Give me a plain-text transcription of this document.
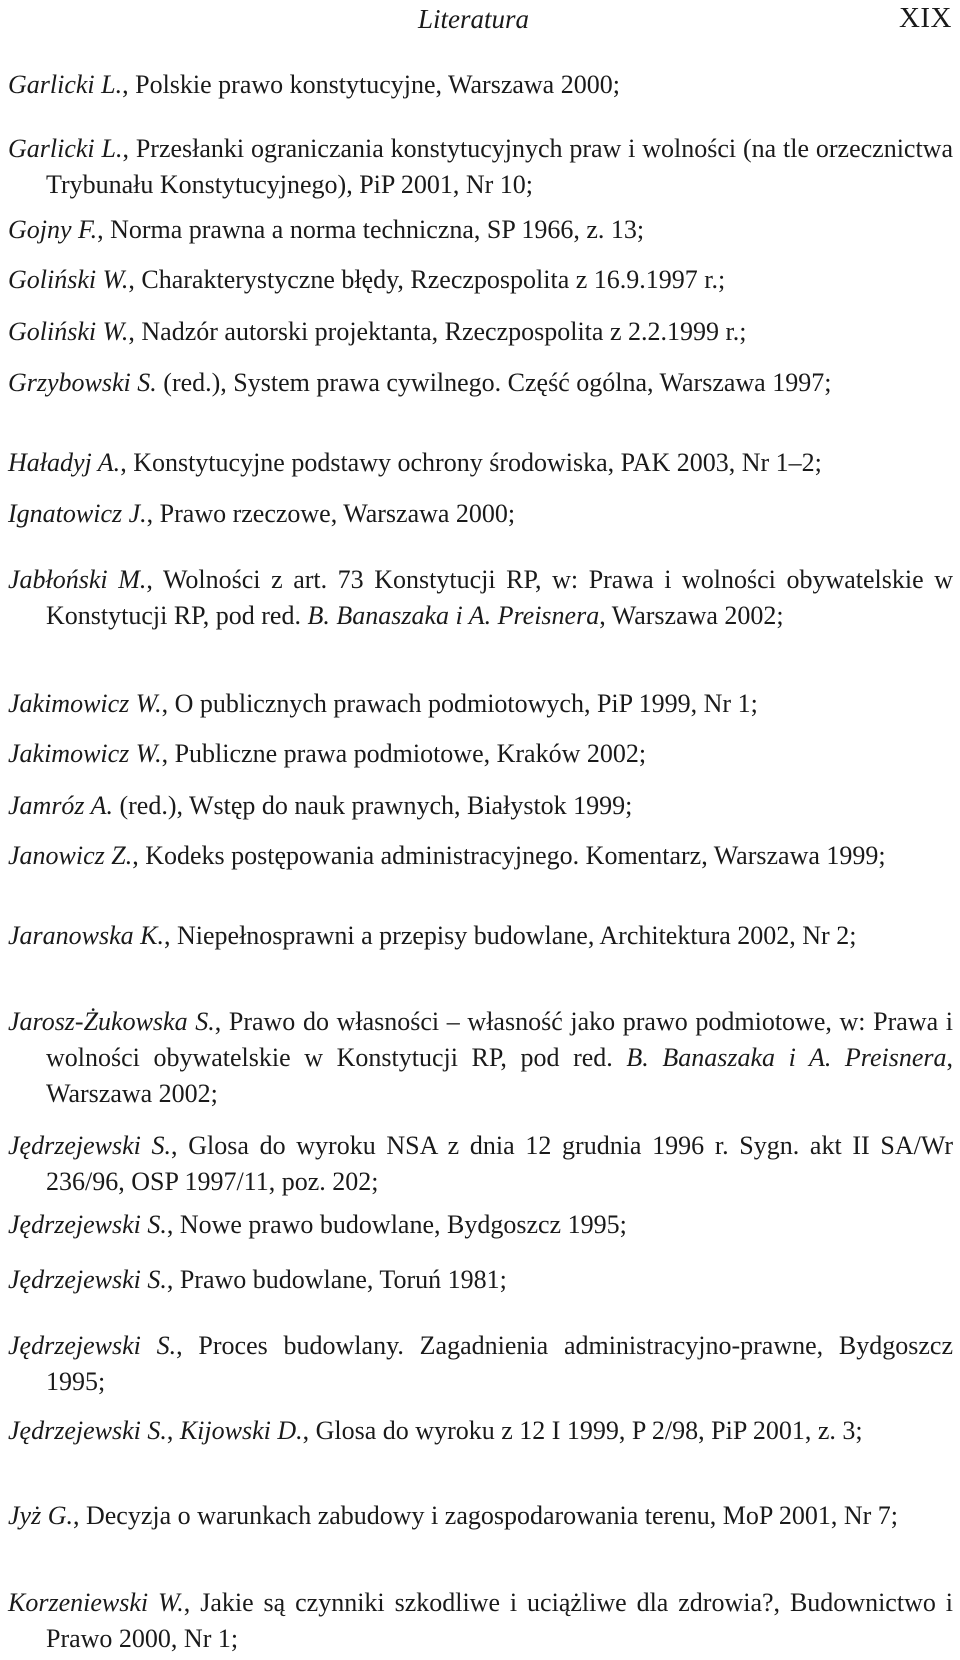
Literatura	XIX

Garlicki L., Polskie prawo konstytucyjne, Warszawa 2000;

Garlicki L., Przesłanki ograniczania konstytucyjnych praw i wolności (na tle orzecznictwa Trybunału Konstytucyjnego), PiP 2001, Nr 10;

Gojny F., Norma prawna a norma techniczna, SP 1966, z. 13;

Goliński W., Charakterystyczne błędy, Rzeczpospolita z 16.9.1997 r.;

Goliński W., Nadzór autorski projektanta, Rzeczpospolita z 2.2.1999 r.;

Grzybowski S. (red.), System prawa cywilnego. Część ogólna, Warszawa 1997;

Haładyj A., Konstytucyjne podstawy ochrony środowiska, PAK 2003, Nr 1–2;

Ignatowicz J., Prawo rzeczowe, Warszawa 2000;

Jabłoński M., Wolności z art. 73 Konstytucji RP, w: Prawa i wolności obywatelskie w Konstytucji RP, pod red. B. Banaszaka i A. Preisnera, Warszawa 2002;

Jakimowicz W., O publicznych prawach podmiotowych, PiP 1999, Nr 1;

Jakimowicz W., Publiczne prawa podmiotowe, Kraków 2002;

Jamróz A. (red.), Wstęp do nauk prawnych, Białystok 1999;

Janowicz Z., Kodeks postępowania administracyjnego. Komentarz, Warszawa 1999;

Jaranowska K., Niepełnosprawni a przepisy budowlane, Architektura 2002, Nr 2;

Jarosz-Żukowska S., Prawo do własności – własność jako prawo podmiotowe, w: Prawa i wolności obywatelskie w Konstytucji RP, pod red. B. Banaszaka i A. Preisnera, Warszawa 2002;

Jędrzejewski S., Glosa do wyroku NSA z dnia 12 grudnia 1996 r. Sygn. akt II SA/Wr 236/96, OSP 1997/11, poz. 202;

Jędrzejewski S., Nowe prawo budowlane, Bydgoszcz 1995;

Jędrzejewski S., Prawo budowlane, Toruń 1981;

Jędrzejewski S., Proces budowlany. Zagadnienia administracyjno-prawne, Bydgoszcz 1995;

Jędrzejewski S., Kijowski D., Glosa do wyroku z 12 I 1999, P 2/98, PiP 2001, z. 3;

Jyż G., Decyzja o warunkach zabudowy i zagospodarowania terenu, MoP 2001, Nr 7;

Korzeniewski W., Jakie są czynniki szkodliwe i uciążliwe dla zdrowia?, Budownictwo i Prawo 2000, Nr 1;
